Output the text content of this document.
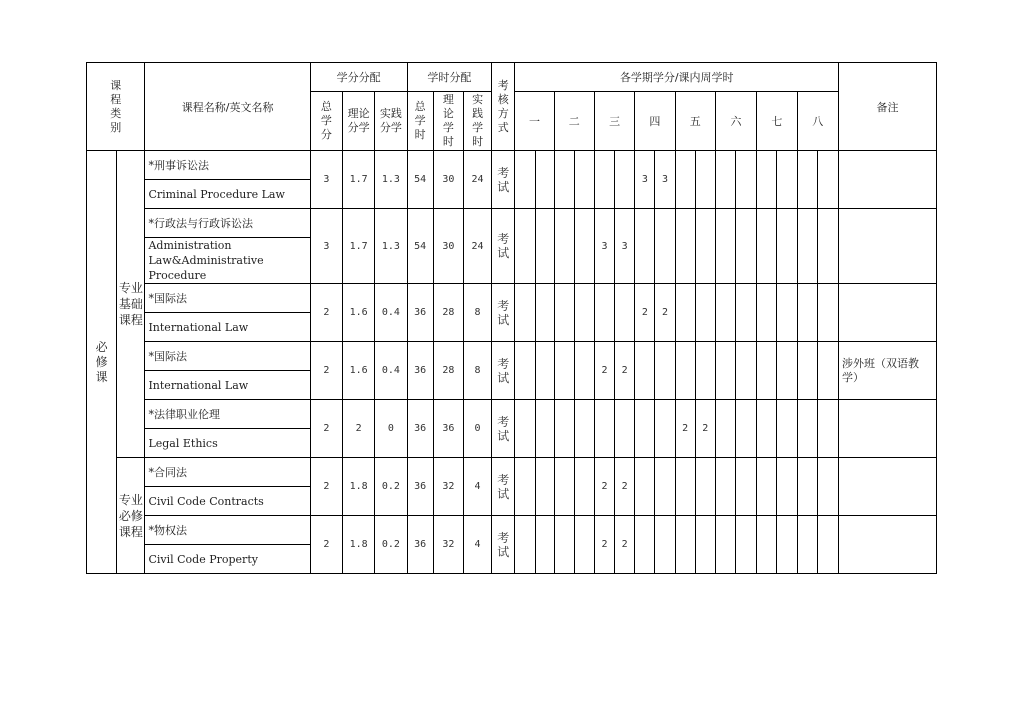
课程类别		课程名称/英文名称	学分分配			学时分配			考核方式	各学期学分/课内周学时																备注
			总学分	理论分学	实践分学	总学时	理论学时	实践学时		一		二		三		四		五		六		七		八		
必修课	专业基础课程	*刑事诉讼法	3	1.7	1.3	54	30	24	考试							3	3									
		Criminal Procedure Law																								
		*行政法与行政诉讼法	3	1.7	1.3	54	30	24	考试					3	3											
		Administration Law&Administrative Procedure																								
		*国际法	2	1.6	0.4	36	28	8	考试							2	2									
		International Law																								
		*国际法	2	1.6	0.4	36	28	8	考试					2	2											涉外班（双语教学）
		International Law																								
		*法律职业伦理	2	2	0	36	36	0	考试									2	2							
		Legal Ethics																								
	专业必修课程	*合同法	2	1.8	0.2	36	32	4	考试					2	2											
		Civil Code Contracts																								
		*物权法	2	1.8	0.2	36	32	4	考试					2	2											
		Civil Code Property																								
